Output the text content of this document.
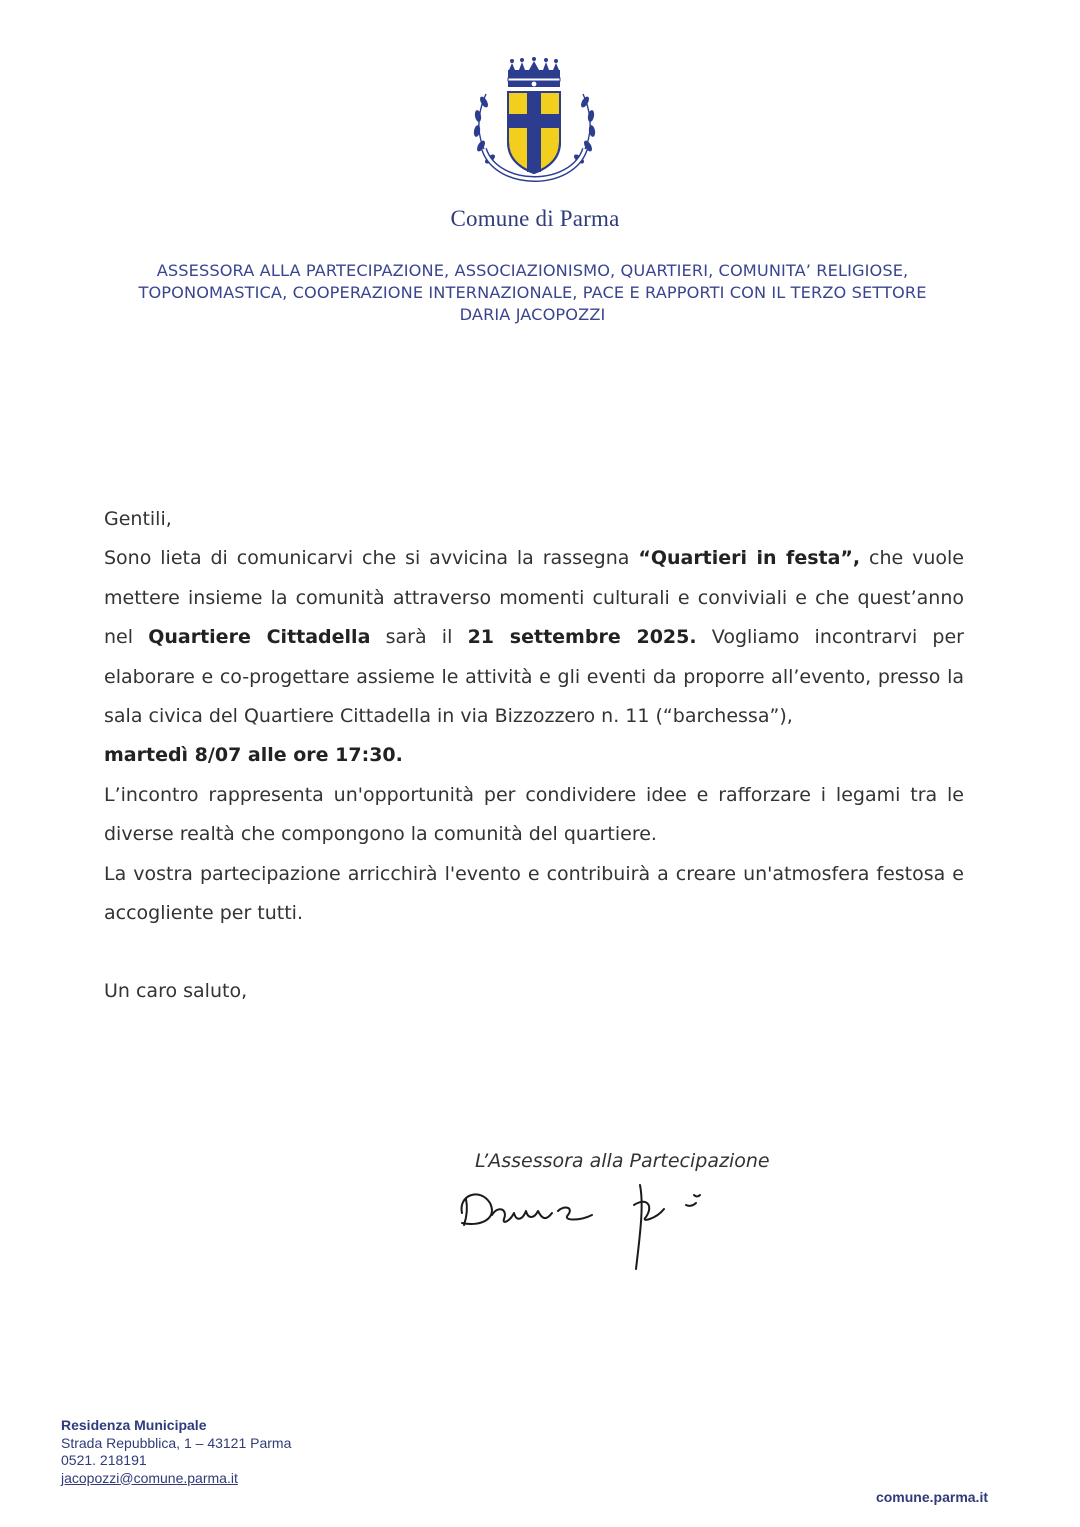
Comune di Parma
ASSESSORA ALLA PARTECIPAZIONE, ASSOCIAZIONISMO, QUARTIERI, COMUNITA’ RELIGIOSE,
TOPONOMASTICA, COOPERAZIONE INTERNAZIONALE, PACE E RAPPORTI CON IL TERZO SETTORE
DARIA JACOPOZZI

Gentili,

Sono lieta di comunicarvi che si avvicina la rassegna “Quartieri in festa”, che vuole mettere insieme la comunità attraverso momenti culturali e conviviali e che quest’anno nel Quartiere Cittadella sarà il 21 settembre 2025. Vogliamo incontrarvi per elaborare e co-progettare assieme le attività e gli eventi da proporre all’evento, presso la sala civica del Quartiere Cittadella in via Bizzozzero n. 11 (“barchessa”),
martedì 8/07 alle ore 17:30.

L’incontro rappresenta un'opportunità per condividere idee e rafforzare i legami tra le diverse realtà che compongono la comunità del quartiere.

La vostra partecipazione arricchirà l'evento e contribuirà a creare un'atmosfera festosa e accogliente per tutti.

Un caro saluto,

L’Assessora alla Partecipazione
Residenza Municipale
Strada Repubblica, 1 – 43121 Parma
0521. 218191
jacopozzi@comune.parma.it
comune.parma.it
